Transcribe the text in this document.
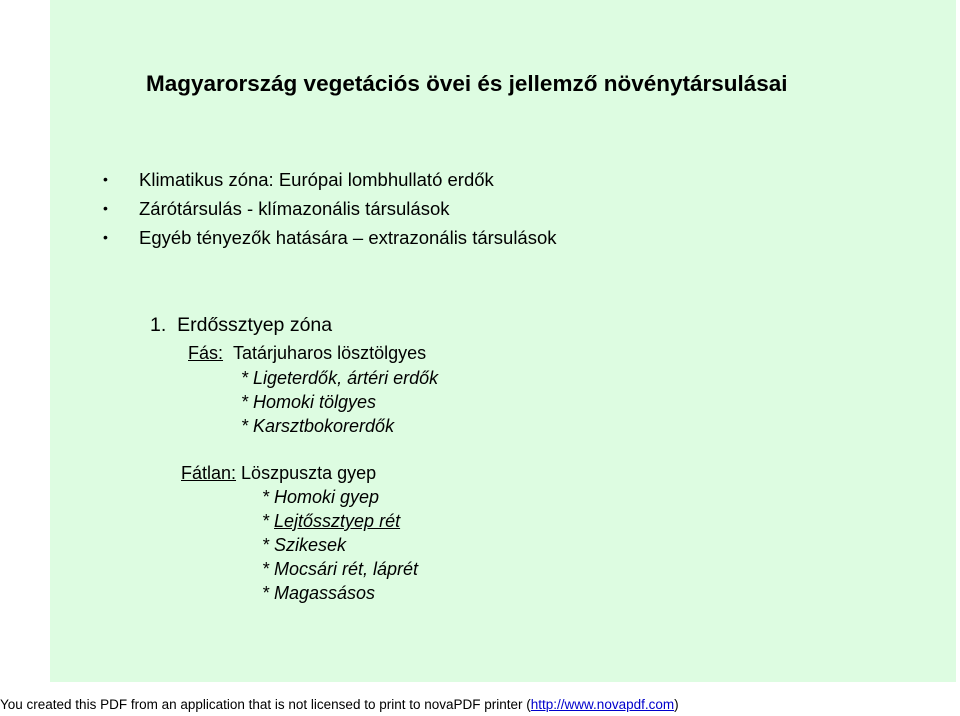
Magyarország vegetációs övei és jellemző növénytársulásai
• Klimatikus zóna: Európai lombhullató erdők
• Zárótársulás - klímazonális társulások
• Egyéb tényezők hatására – extrazonális társulások
1. Erdőssztyep zóna
Fás: Tatárjuharos lösztölgyes
* Ligeterdők, ártéri erdők
* Homoki tölgyes
* Karsztbokorerdők
Fátlan: Löszpuszta gyep
* Homoki gyep
* Lejtőssztyep rét
* Szikesek
* Mocsári rét, láprét
* Magassásos
You created this PDF from an application that is not licensed to print to novaPDF printer (http://www.novapdf.com)
